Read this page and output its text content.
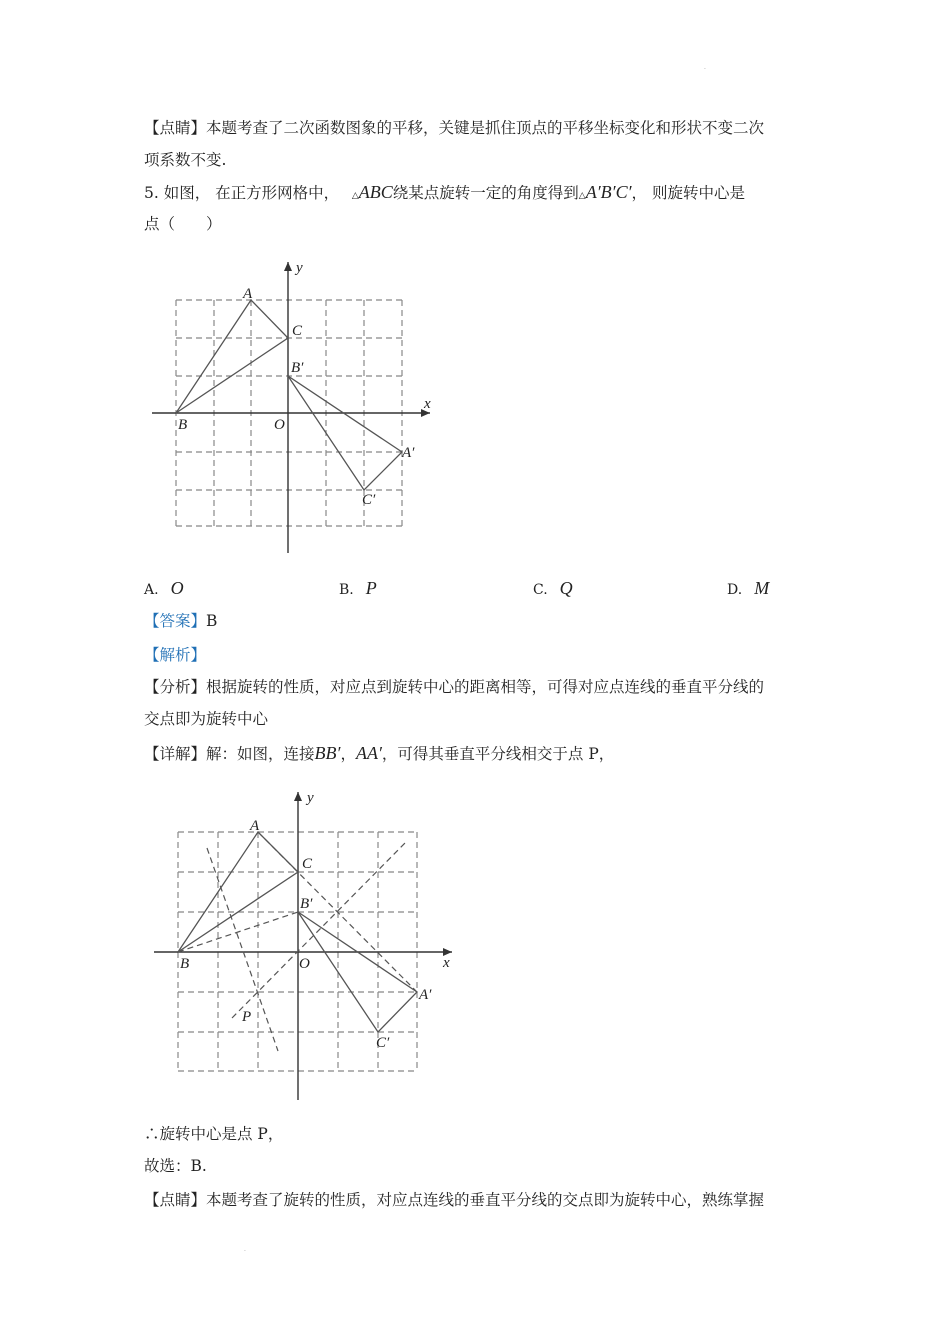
·
【点睛】本题考查了二次函数图象的平移，关键是抓住顶点的平移坐标变化和形状不变二次
项系数不变.
5. 如图， 在正方形网格中，　 △ABC绕某点旋转一定的角度得到△A′B′C′， 则旋转中心是
点（　　）
A
B
C
O
x
y
A′
B′
C′
A. O	B. P	C. Q	D. M
【答案】B
【解析】
【分析】根据旋转的性质，对应点到旋转中心的距离相等，可得对应点连线的垂直平分线的
交点即为旋转中心
【详解】解：如图，连接BB′，AA′，可得其垂直平分线相交于点 P，
A
B
C
O	x
y
A′
B′
C′
P
∴旋转中心是点 P，
故选：B.
【点睛】本题考查了旋转的性质，对应点连线的垂直平分线的交点即为旋转中心，熟练掌握
·
